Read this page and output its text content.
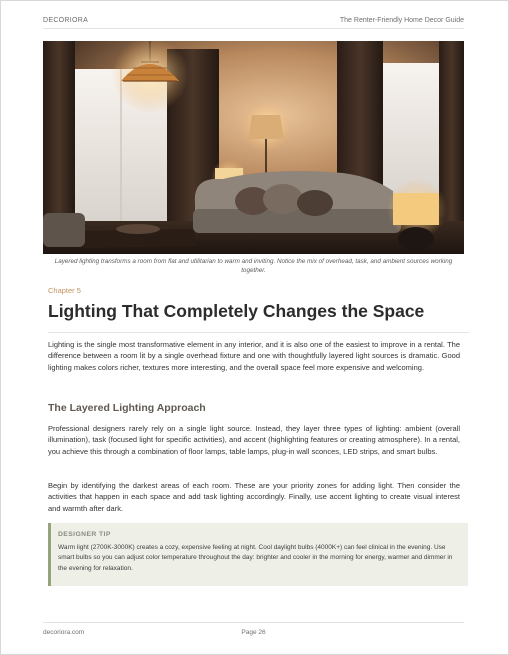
DECORIORA	The Renter-Friendly Home Decor Guide
Layered lighting transforms a room from flat and utilitarian to warm and inviting. Notice the mix of overhead, task, and ambient sources working together.
Chapter 5
Lighting That Completely Changes the Space

Lighting is the single most transformative element in any interior, and it is also one of the easiest to improve in a rental. The difference between a room lit by a single overhead fixture and one with thoughtfully layered light sources is dramatic. Good lighting makes colors richer, textures more interesting, and the overall space feel more expensive and welcoming.

The Layered Lighting Approach

Professional designers rarely rely on a single light source. Instead, they layer three types of lighting: ambient (overall illumination), task (focused light for specific activities), and accent (highlighting features or creating atmosphere). In a rental, you achieve this through a combination of floor lamps, table lamps, plug-in wall sconces, LED strips, and smart bulbs.

Begin by identifying the darkest areas of each room. These are your priority zones for adding light. Then consider the activities that happen in each space and add task lighting accordingly. Finally, use accent lighting to create visual interest and warmth after dark.

DESIGNER TIP

Warm light (2700K-3000K) creates a cozy, expensive feeling at night. Cool daylight bulbs (4000K+) can feel clinical in the evening. Use smart bulbs so you can adjust color temperature throughout the day: brighter and cooler in the morning for energy, warmer and dimmer in the evening for relaxation.

decoriora.com	Page 26
